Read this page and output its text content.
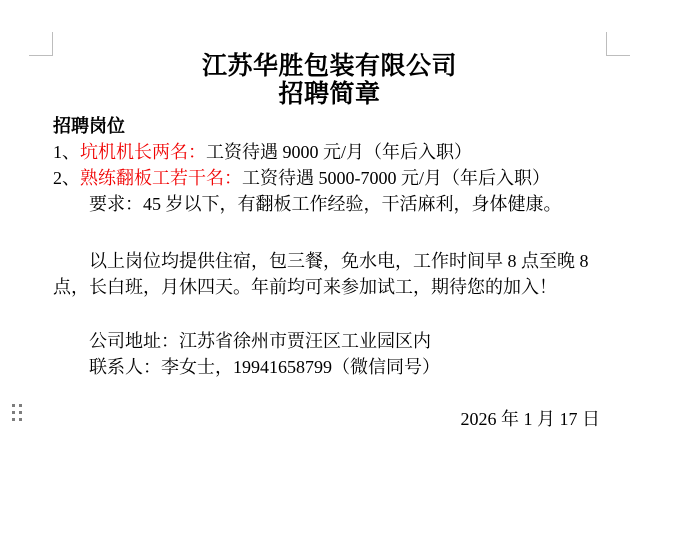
江苏华胜包装有限公司
招聘简章
招聘岗位
1、坑机机长两名：工资待遇 9000 元/月（年后入职）
2、熟练翻板工若干名：工资待遇 5000-7000 元/月（年后入职）
要求：45 岁以下，有翻板工作经验，干活麻利，身体健康。
以上岗位均提供住宿，包三餐，免水电，工作时间早 8 点至晚 8
点，长白班，月休四天。年前均可来参加试工，期待您的加入！
公司地址：江苏省徐州市贾汪区工业园区内
联系人：李女士，19941658799（微信同号）
2026 年 1 月 17 日
